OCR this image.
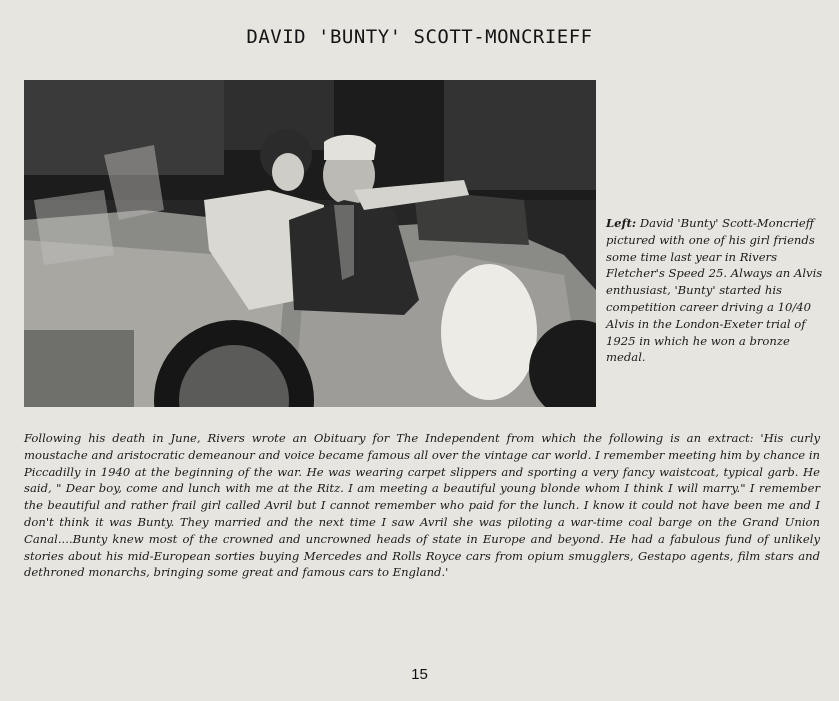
DAVID 'BUNTY' SCOTT-MONCRIEFF
Left: David 'Bunty' Scott-Moncrieff pictured with one of his girl friends some time last year in Rivers Fletcher's Speed 25. Always an Alvis enthusiast, 'Bunty' started his competition career driving a 10/40 Alvis in the London-Exeter trial of 1925 in which he won a bronze medal.
Following his death in June, Rivers wrote an Obituary for The Independent from which the following is an extract: 'His curly moustache and aristocratic demeanour and voice became famous all over the vintage car world. I remember meeting him by chance in Piccadilly in 1940 at the beginning of the war. He was wearing carpet slippers and sporting a very fancy waistcoat, typical garb. He said, " Dear boy, come and lunch with me at the Ritz. I am meeting a beautiful young blonde whom I think I will marry." I remember the beautiful and rather frail girl called Avril but I cannot remember who paid for the lunch. I know it could not have been me and I don't think it was Bunty. They married and the next time I saw Avril she was piloting a war-time coal barge on the Grand Union Canal....Bunty knew most of the crowned and uncrowned heads of state in Europe and beyond. He had a fabulous fund of unlikely stories about his mid-European sorties buying Mercedes and Rolls Royce cars from opium smugglers, Gestapo agents, film stars and dethroned monarchs, bringing some great and famous cars to England.'
15
